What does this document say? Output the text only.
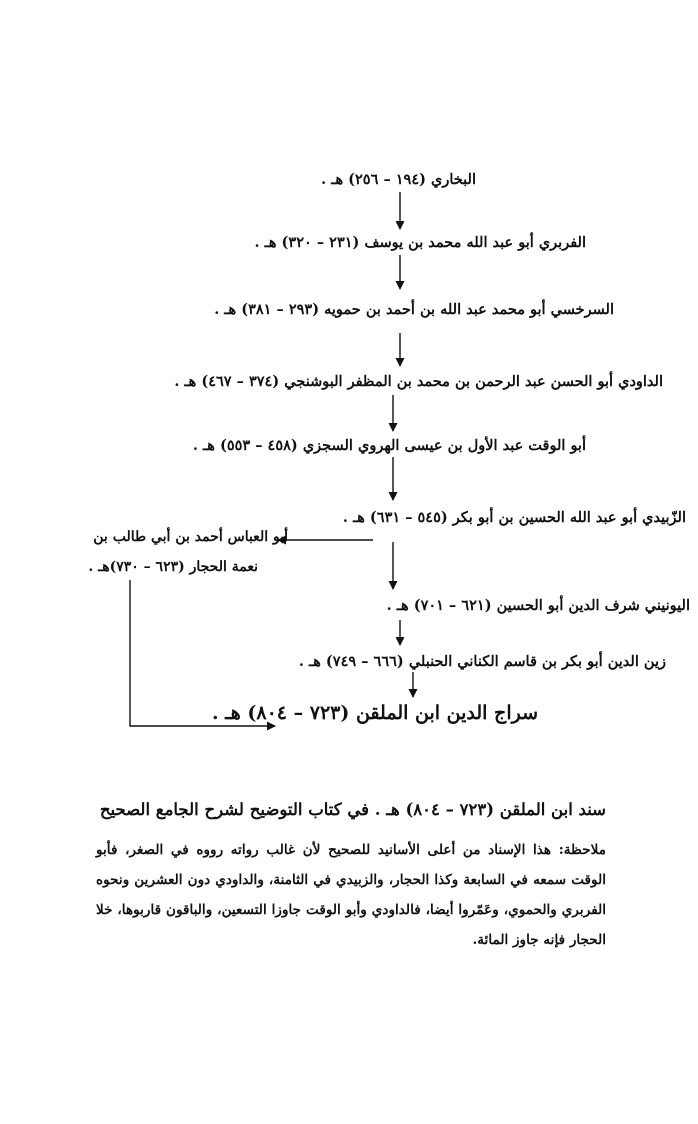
البخاري (١٩٤ – ٢٥٦) هـ .
الفربري أبو عبد الله محمد بن يوسف (٢٣١ – ٣٢٠) هـ .
السرخسي أبو محمد عبد الله بن أحمد بن حمويه (٢٩٣ – ٣٨١) هـ .
الداودي أبو الحسن عبد الرحمن بن محمد بن المظفر البوشنجي (٣٧٤ – ٤٦٧) هـ .
أبو الوقت عبد الأول بن عيسى الهروي السجزي (٤٥٨ – ٥٥٣) هـ .
الزّبيدي أبو عبد الله الحسين بن أبو بكر (٥٤٥ – ٦٣١) هـ .
أبو العباس أحمد بن أبي طالب بن
نعمة الحجار (٦٢٣ – ٧٣٠)هـ .
اليونيني شرف الدين أبو الحسين (٦٢١ – ٧٠١) هـ .
زين الدين أبو بكر بن قاسم الكناني الحنبلي (٦٦٦ – ٧٤٩) هـ .
سراج الدين ابن الملقن (٧٢٣ – ٨٠٤) هـ .
سند ابن الملقن (٧٢٣ – ٨٠٤) هـ . في كتاب التوضيح لشرح الجامع الصحيح
ملاحظة: هذا الإسناد من أعلى الأسانيد للصحيح لأن غالب رواته رووه في الصغر، فأبو الوقت سمعه في السابعة وكذا الحجار، والزبيدي في الثامنة، والداودي دون العشرين ونحوه الفربري والحموي، وعَمّروا أيضا، فالداودي وأبو الوقت جاوزا التسعين، والباقون قاربوها، خلا الحجار فإنه جاوز المائة.
